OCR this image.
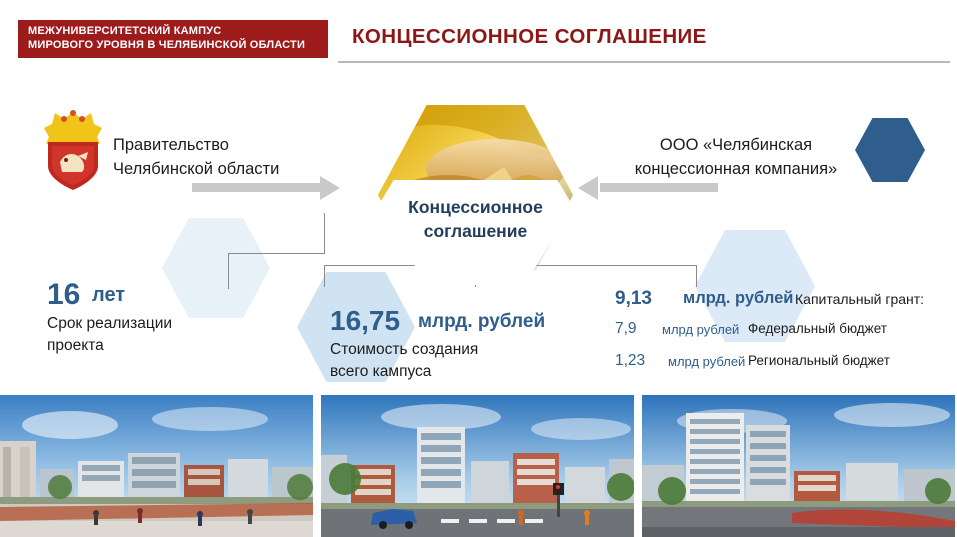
МЕЖУНИВЕРСИТЕТСКИЙ КАМПУС
МИРОВОГО УРОВНЯ В ЧЕЛЯБИНСКОЙ ОБЛАСТИ	КОНЦЕССИОННОЕ СОГЛАШЕНИЕ
Концессионное
соглашение
Правительство
Челябинской области
ООО «Челябинская
концессионная компания»
16 лет
Срок реализации
проекта
16,75 млрд. рублей
Стоимость создания
всего кампуса
9,13 млрд. рублей Капитальный грант:
7,9 млрд рублей Федеральный бюджет
1,23 млрд рублей Региональный бюджет
